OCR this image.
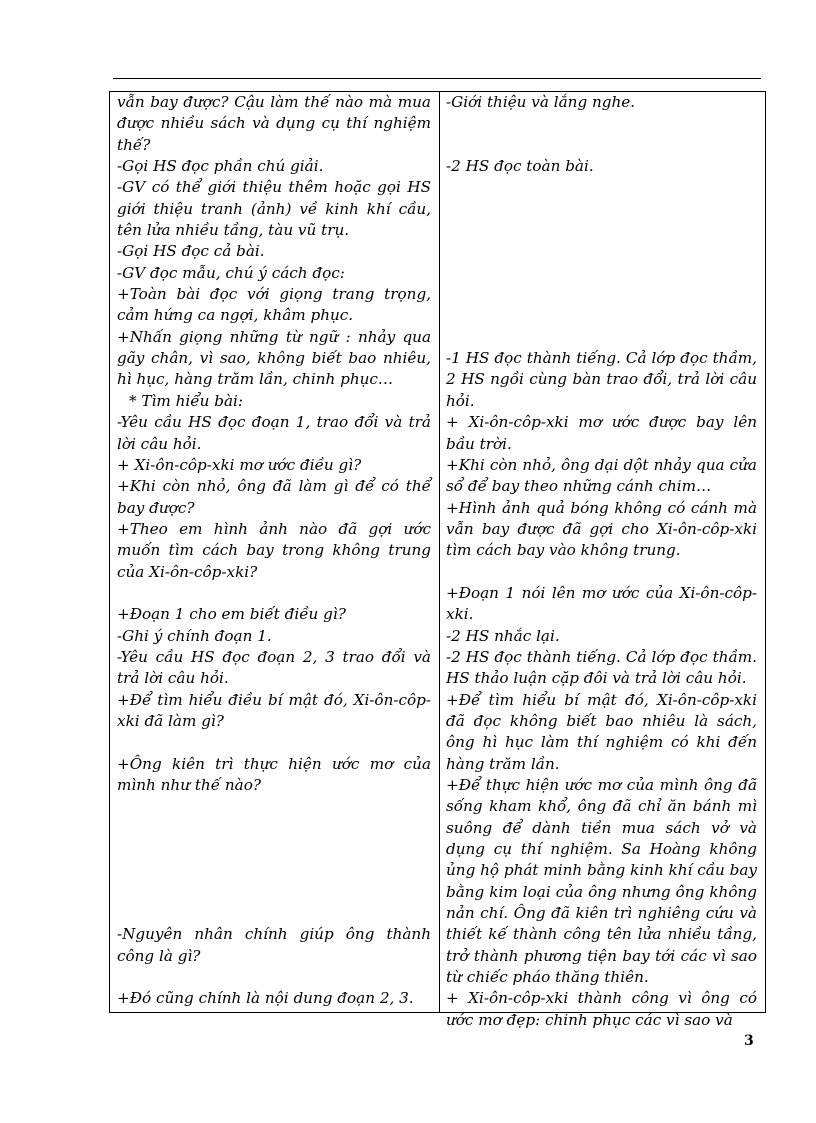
vẫn bay được? Cậu làm thế nào mà mua được nhiều sách và dụng cụ thí nghiệm thế?
-Gọi HS đọc phần chú giải.
-GV có thể giới thiệu thêm hoặc gọi HS giới thiệu tranh (ảnh) về kinh khí cầu, tên lửa nhiều tầng, tàu vũ trụ.
-Gọi HS đọc cả bài.
-GV đọc mẫu, chú ý cách đọc:
+Toàn bài đọc với giọng trang trọng, cảm hứng ca ngợi, khâm phục.
+Nhấn giọng những từ ngữ : nhảy qua gãy chân, vì sao, không biết bao nhiêu, hì hục, hàng trăm lần, chinh phục…
* Tìm hiểu bài:
-Yêu cầu HS đọc đoạn 1, trao đổi và trả lời câu hỏi.
+ Xi-ôn-côp-xki mơ ước điều gì?
+Khi còn nhỏ, ông đã làm gì để có thể bay được?
+Theo em hình ảnh nào đã gợi ước muốn tìm cách bay trong không trung của Xi-ôn-côp-xki?
+Đoạn 1 cho em biết điều gì?
-Ghi ý chính đoạn 1.
-Yêu cầu HS đọc đoạn 2, 3 trao đổi và trả lời câu hỏi.
+Để tìm hiểu điều bí mật đó, Xi-ôn-côp-xki đã làm gì?
+Ông kiên trì thực hiện ước mơ của mình như thế nào?
-Nguyên nhân chính giúp ông thành công là gì?
+Đó cũng chính là nội dung đoạn 2, 3.
-Giới thiệu và lắng nghe.
-2 HS đọc toàn bài.
-1 HS đọc thành tiếng. Cả lớp đọc thầm, 2 HS ngồi cùng bàn trao đổi, trả lời câu hỏi.
+ Xi-ôn-côp-xki mơ ước được bay lên bầu trời.
+Khi còn nhỏ, ông dại dột nhảy qua cửa sổ để bay theo những cánh chim…
+Hình ảnh quả bóng không có cánh mà vẫn bay được đã gợi cho Xi-ôn-côp-xki tìm cách bay vào không trung.
+Đoạn 1 nói lên mơ ước của Xi-ôn-côp-xki.
-2 HS nhắc lại.
-2 HS đọc thành tiếng. Cả lớp đọc thầm. HS thảo luận cặp đôi và trả lời câu hỏi.
+Để tìm hiểu bí mật đó, Xi-ôn-côp-xki đã đọc không biết bao nhiêu là sách, ông hì hục làm thí nghiệm có khi đến hàng trăm lần.
+Để thực hiện ước mơ của mình ông đã sống kham khổ, ông đã chỉ ăn bánh mì suông để dành tiền mua sách vở và dụng cụ thí nghiệm. Sa Hoàng không ủng hộ phát minh bằng kinh khí cầu bay bằng kim loại của ông nhưng ông không nản chí. Ông đã kiên trì nghiêng cứu và thiết kế thành công tên lửa nhiều tầng, trở thành phương tiện bay tới các vì sao từ chiếc pháo thăng thiên.
+ Xi-ôn-côp-xki thành công vì ông có ước mơ đẹp: chinh phục các vì sao và
3
